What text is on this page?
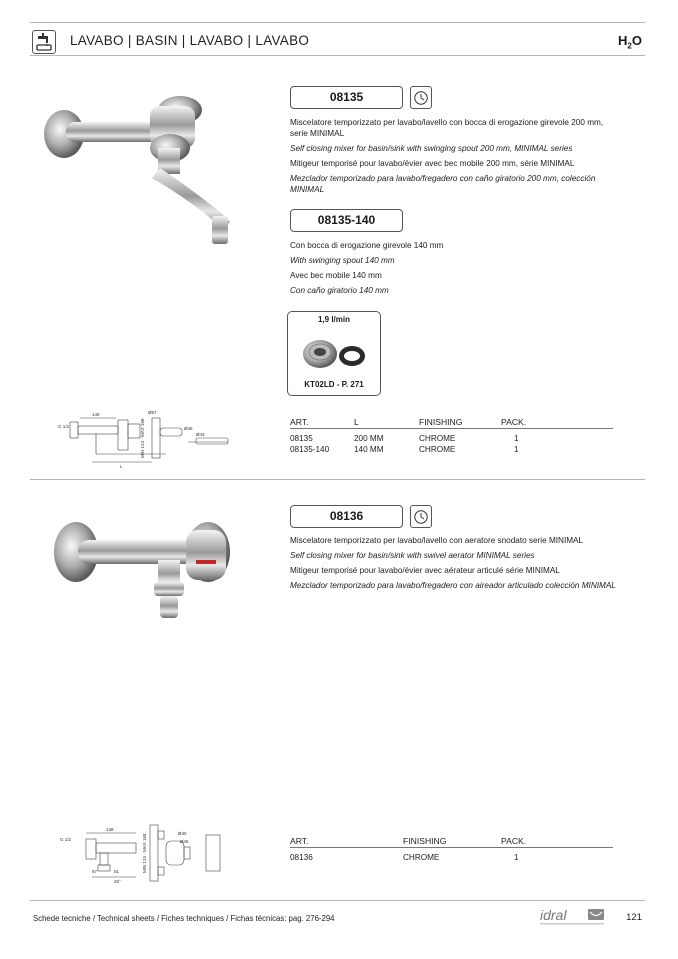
LAVABO | BASIN | LAVABO | LAVABO	$H_2O$
08135

Miscelatore temporizzato per lavabo/lavello con bocca di erogazione girevole 200 mm, serie MINIMAL

Self closing mixer for basin/sink with swinging spout 200 mm, MINIMAL series

Mitigeur temporisé pour lavabo/évier avec bec mobile 200 mm, série MINIMAL

Mezclador temporizado para lavabo/fregadero con caño giratorio 200 mm, colección MINIMAL

08135-140

Con bocca di erogazione girevole 140 mm

With swinging spout 140 mm

Avec bec mobile 140 mm

Con caño giratorio 140 mm

1,9 l/min
KT02LD - P. 271
G 1/2
148	Ø57
Ø46
Ø43
L
MIN 124 - MAX 168	ART.	L	FINISHING	PACK.
08135	200 MM	CHROME	1
08135-140	140 MM	CHROME	1
08136

Miscelatore temporizzato per lavabo/lavello con aeratore snodato serie MINIMAL

Self closing mixer for basin/sink with swivel aerator MINIMAL series

Mitigeur temporisé pour lavabo/évier avec aérateur articulé série MINIMAL

Mezclador temporizado para lavabo/fregadero con aireador articulado colección MINIMAL

G 1/2
148
Ø40
Ø45
67	81
25°
MIN 124 - MAX 168	ART.	FINISHING	PACK.
08136	CHROME	1
Schede tecniche / Technical sheets / Fiches techniques / Fichas técnicas: pag. 276-294	idral	121
